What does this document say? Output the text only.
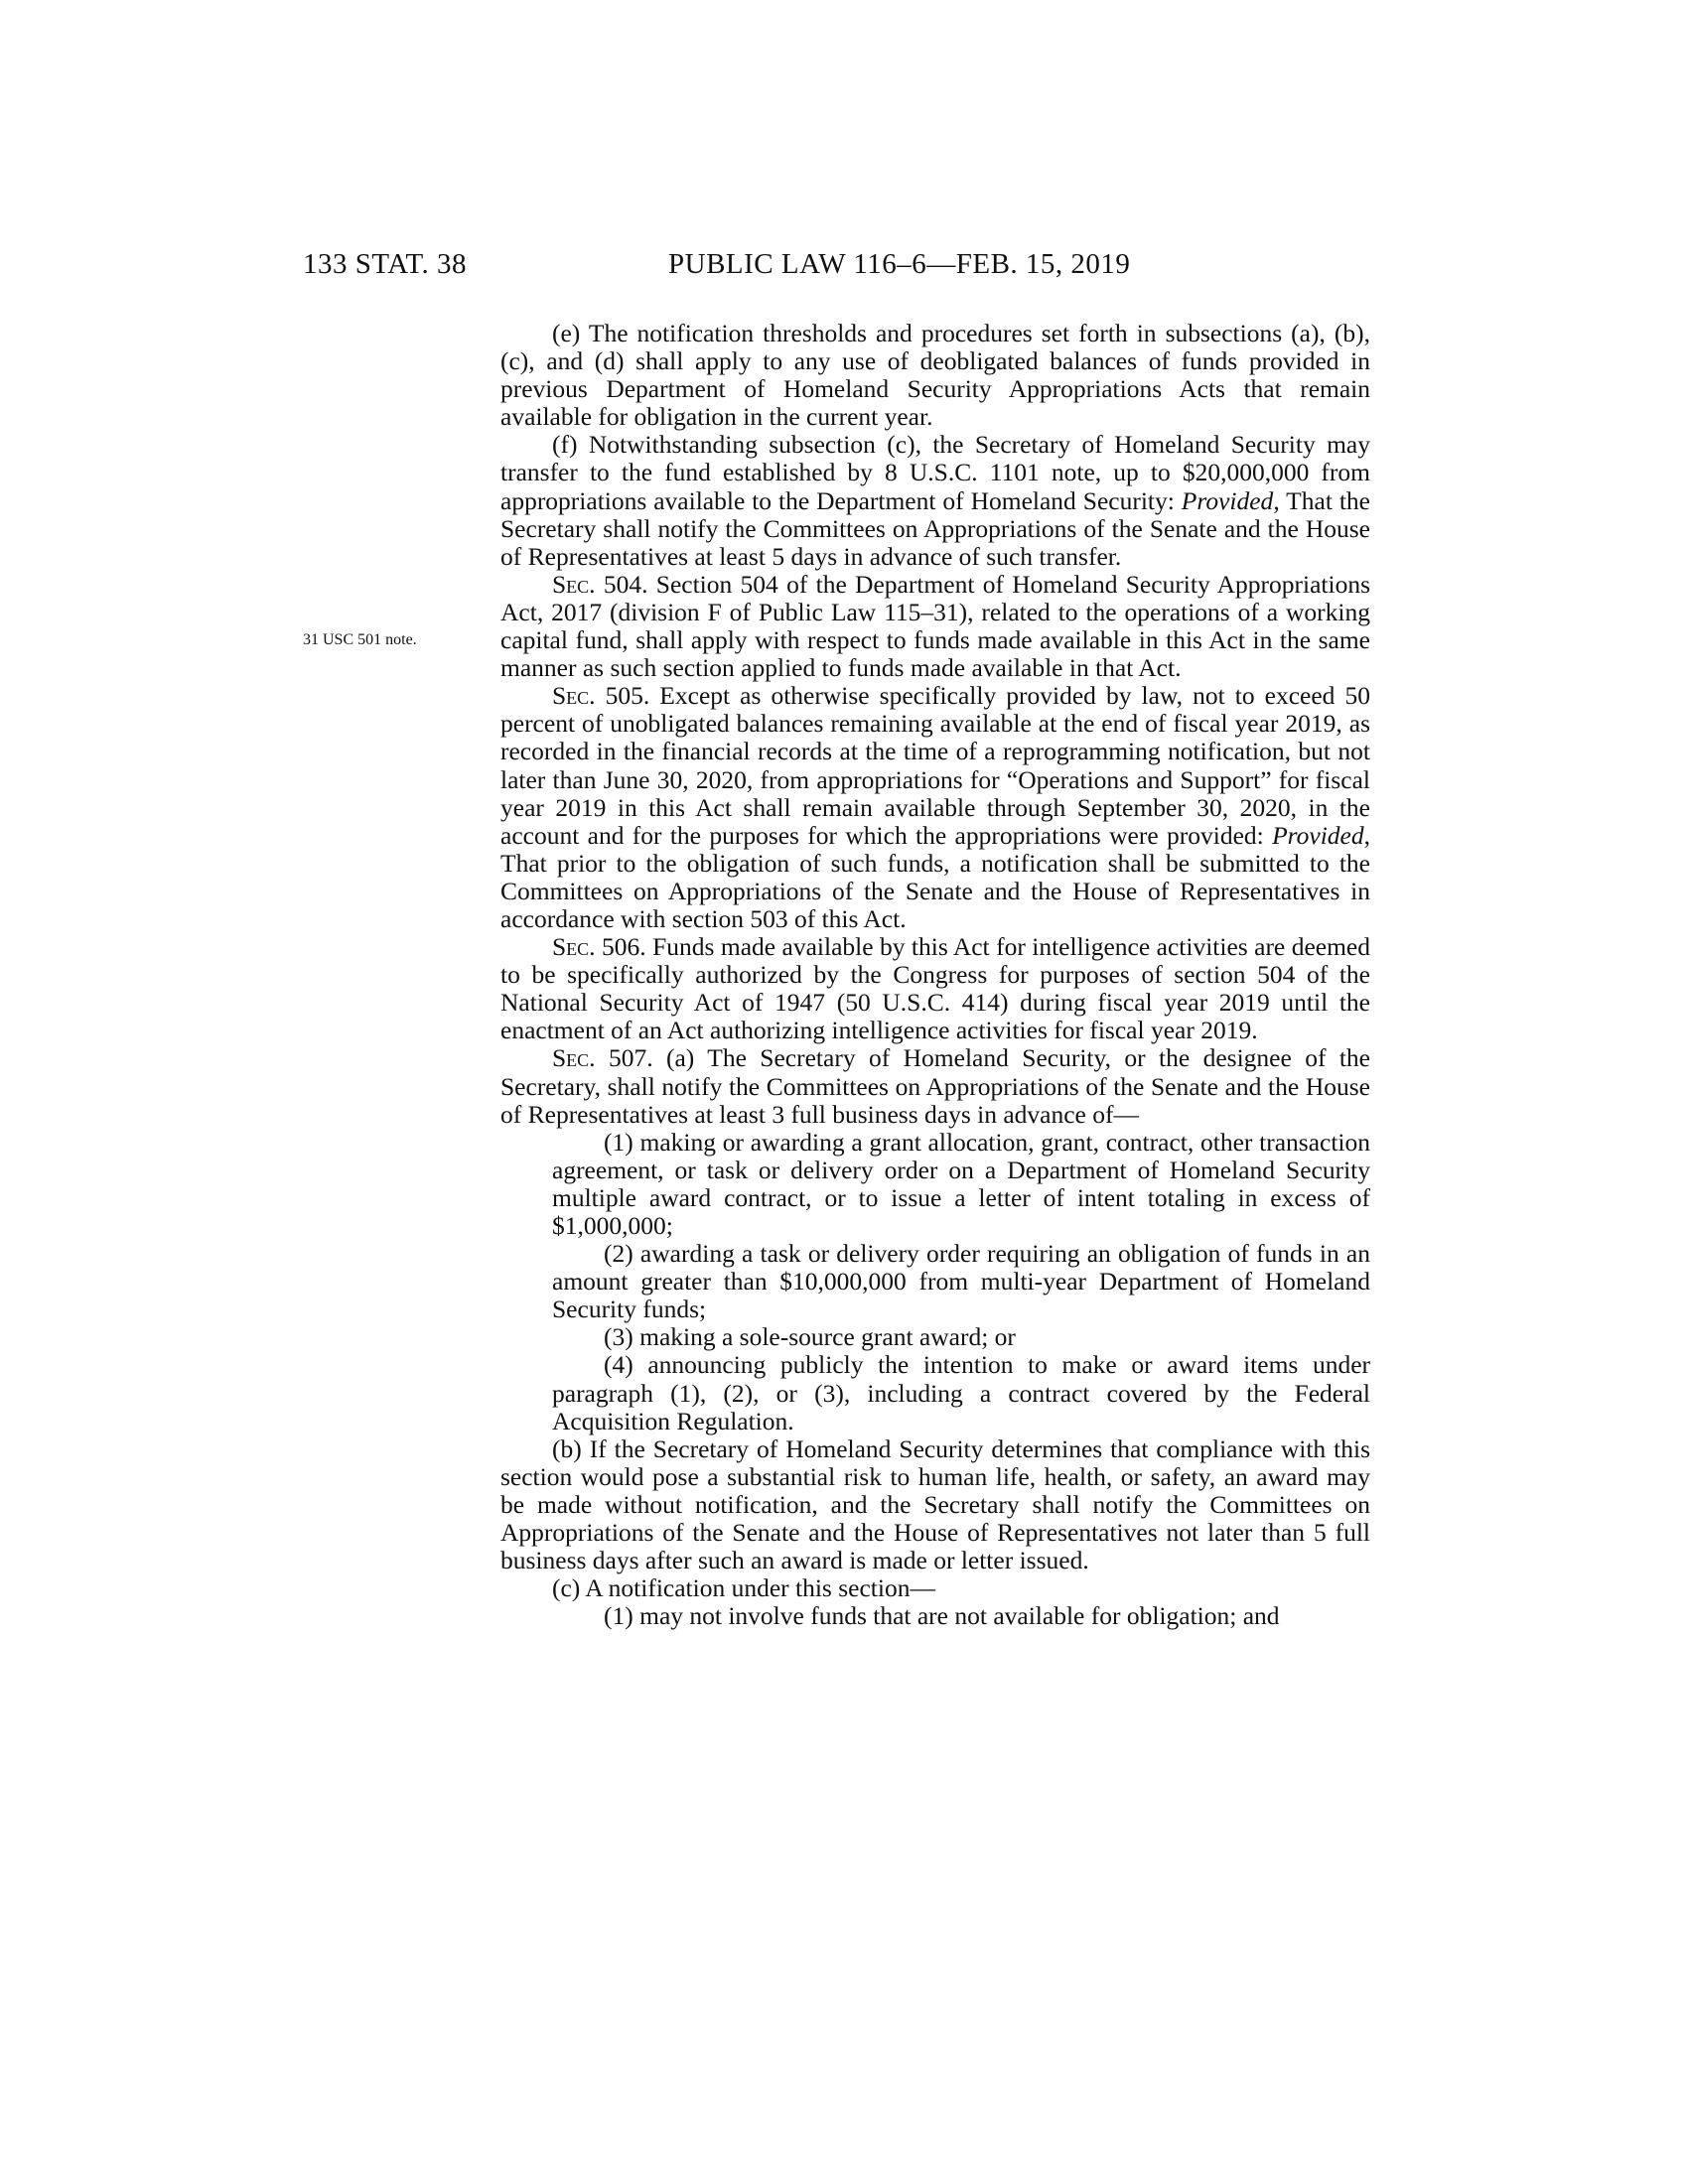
133 STAT. 38	PUBLIC LAW 116–6—FEB. 15, 2019
31 USC 501 note.

(e) The notification thresholds and procedures set forth in subsections (a), (b), (c), and (d) shall apply to any use of deobligated balances of funds provided in previous Department of Homeland Security Appropriations Acts that remain available for obligation in the current year.

(f) Notwithstanding subsection (c), the Secretary of Homeland Security may transfer to the fund established by 8 U.S.C. 1101 note, up to $20,000,000 from appropriations available to the Department of Homeland Security: Provided, That the Secretary shall notify the Committees on Appropriations of the Senate and the House of Representatives at least 5 days in advance of such transfer.

Sec. 504. Section 504 of the Department of Homeland Security Appropriations Act, 2017 (division F of Public Law 115–31), related to the operations of a working capital fund, shall apply with respect to funds made available in this Act in the same manner as such section applied to funds made available in that Act.

Sec. 505. Except as otherwise specifically provided by law, not to exceed 50 percent of unobligated balances remaining available at the end of fiscal year 2019, as recorded in the financial records at the time of a reprogramming notification, but not later than June 30, 2020, from appropriations for “Operations and Support” for fiscal year 2019 in this Act shall remain available through September 30, 2020, in the account and for the purposes for which the appropriations were provided: Provided, That prior to the obligation of such funds, a notification shall be submitted to the Committees on Appropriations of the Senate and the House of Representatives in accordance with section 503 of this Act.

Sec. 506. Funds made available by this Act for intelligence activities are deemed to be specifically authorized by the Congress for purposes of section 504 of the National Security Act of 1947 (50 U.S.C. 414) during fiscal year 2019 until the enactment of an Act authorizing intelligence activities for fiscal year 2019.

Sec. 507. (a) The Secretary of Homeland Security, or the designee of the Secretary, shall notify the Committees on Appropriations of the Senate and the House of Representatives at least 3 full business days in advance of—

(1) making or awarding a grant allocation, grant, contract, other transaction agreement, or task or delivery order on a Department of Homeland Security multiple award contract, or to issue a letter of intent totaling in excess of $1,000,000;

(2) awarding a task or delivery order requiring an obligation of funds in an amount greater than $10,000,000 from multi-year Department of Homeland Security funds;

(3) making a sole-source grant award; or

(4) announcing publicly the intention to make or award items under paragraph (1), (2), or (3), including a contract covered by the Federal Acquisition Regulation.

(b) If the Secretary of Homeland Security determines that compliance with this section would pose a substantial risk to human life, health, or safety, an award may be made without notification, and the Secretary shall notify the Committees on Appropriations of the Senate and the House of Representatives not later than 5 full business days after such an award is made or letter issued.

(c) A notification under this section—

(1) may not involve funds that are not available for obligation; and
